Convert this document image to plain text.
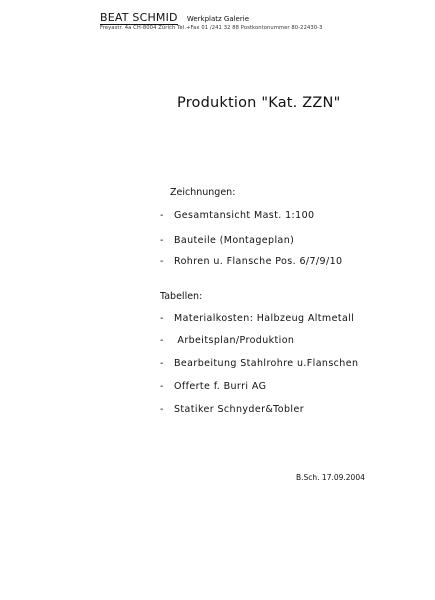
BEAT SCHMID Werkplatz Galerie
Freyastr. 4a CH-8004 Zürich Tel.+Fax 01 /241 32 88 Postkontonummer 80-22430-3
Produktion "Kat. ZZN"
Zeichnungen:
- Gesamtansicht Mast. 1:100
- Bauteile (Montageplan)
- Rohren u. Flansche Pos. 6/7/9/10
Tabellen:
- Materialkosten: Halbzeug Altmetall
- Arbeitsplan/Produktion
- Bearbeitung Stahlrohre u.Flanschen
- Offerte f. Burri AG
- Statiker Schnyder&Tobler
B.Sch. 17.09.2004
